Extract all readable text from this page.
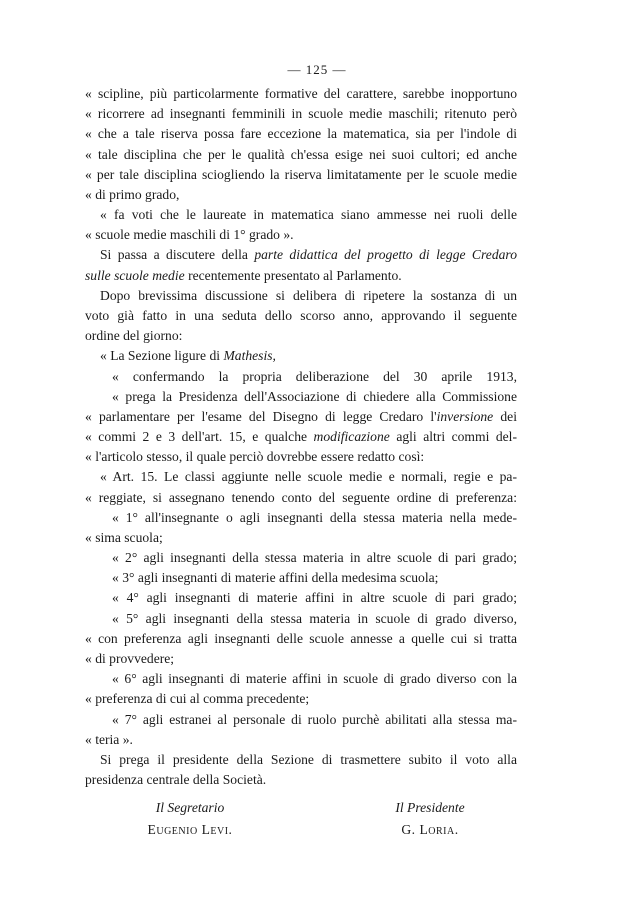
— 125 —
« scipline, più particolarmente formative del carattere, sarebbe inopportuno
« ricorrere ad insegnanti femminili in scuole medie maschili; ritenuto però
« che a tale riserva possa fare eccezione la matematica, sia per l'indole di
« tale disciplina che per le qualità ch'essa esige nei suoi cultori; ed anche
« per tale disciplina sciogliendo la riserva limitatamente per le scuole medie
« di primo grado,
« fa voti che le laureate in matematica siano ammesse nei ruoli delle
« scuole medie maschili di 1° grado ».
Si passa a discutere della parte didattica del progetto di legge Credaro
sulle scuole medie recentemente presentato al Parlamento.
Dopo brevissima discussione si delibera di ripetere la sostanza di un
voto già fatto in una seduta dello scorso anno, approvando il seguente
ordine del giorno:
« La Sezione ligure di Mathesis,
« confermando la propria deliberazione del 30 aprile 1913,
« prega la Presidenza dell'Associazione di chiedere alla Commissione
« parlamentare per l'esame del Disegno di legge Credaro l'inversione dei
« commi 2 e 3 dell'art. 15, e qualche modificazione agli altri commi del-
« l'articolo stesso, il quale perciò dovrebbe essere redatto così:
« Art. 15. Le classi aggiunte nelle scuole medie e normali, regie e pa-
« reggiate, si assegnano tenendo conto del seguente ordine di preferenza:
« 1° all'insegnante o agli insegnanti della stessa materia nella mede-
« sima scuola;
« 2° agli insegnanti della stessa materia in altre scuole di pari grado;
« 3° agli insegnanti di materie affini della medesima scuola;
« 4° agli insegnanti di materie affini in altre scuole di pari grado;
« 5° agli insegnanti della stessa materia in scuole di grado diverso,
« con preferenza agli insegnanti delle scuole annesse a quelle cui si tratta
« di provvedere;
« 6° agli insegnanti di materie affini in scuole di grado diverso con la
« preferenza di cui al comma precedente;
« 7° agli estranei al personale di ruolo purchè abilitati alla stessa ma-
« teria ».
Si prega il presidente della Sezione di trasmettere subito il voto alla
presidenza centrale della Società.
Il Segretario	Il Presidente
Eugenio Levi.	G. Loria.
